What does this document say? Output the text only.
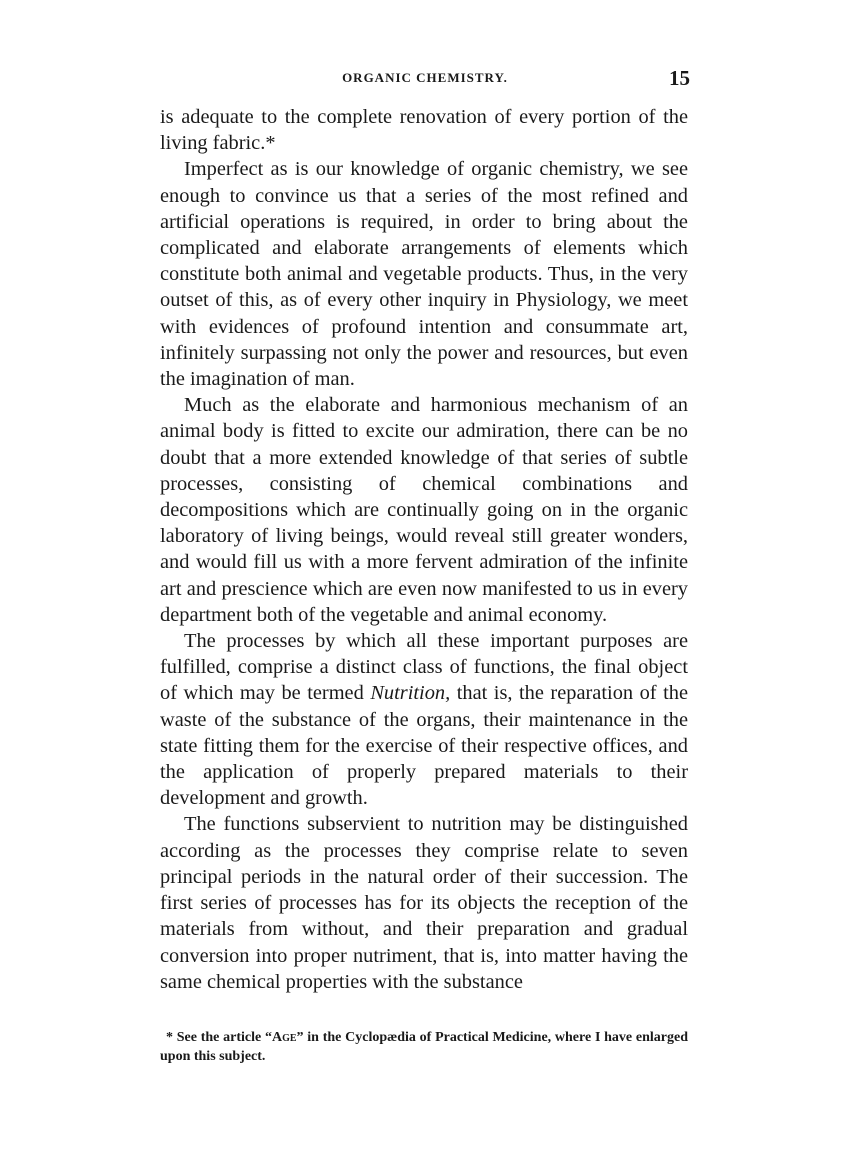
ORGANIC CHEMISTRY.	15

is adequate to the complete renovation of every portion of the living fabric.*

Imperfect as is our knowledge of organic chemistry, we see enough to convince us that a series of the most refined and artificial operations is required, in order to bring about the complicated and elaborate arrangements of elements which constitute both animal and vegetable products. Thus, in the very outset of this, as of every other inquiry in Physiology, we meet with evidences of profound intention and consummate art, infinitely surpassing not only the power and resources, but even the imagination of man.

Much as the elaborate and harmonious mechanism of an animal body is fitted to excite our admiration, there can be no doubt that a more extended knowledge of that series of subtle processes, consisting of chemical combinations and decompositions which are continually going on in the organic laboratory of living beings, would reveal still greater wonders, and would fill us with a more fervent admiration of the infinite art and prescience which are even now manifested to us in every department both of the vegetable and animal economy.

The processes by which all these important purposes are fulfilled, comprise a distinct class of functions, the final object of which may be termed Nutrition, that is, the reparation of the waste of the substance of the organs, their maintenance in the state fitting them for the exercise of their respective offices, and the application of properly prepared materials to their development and growth.

The functions subservient to nutrition may be distinguished according as the processes they comprise relate to seven principal periods in the natural order of their succession. The first series of processes has for its objects the reception of the materials from without, and their preparation and gradual conversion into proper nutriment, that is, into matter having the same chemical properties with the substance

* See the article “Age” in the Cyclopædia of Practical Medicine, where I have enlarged upon this subject.
